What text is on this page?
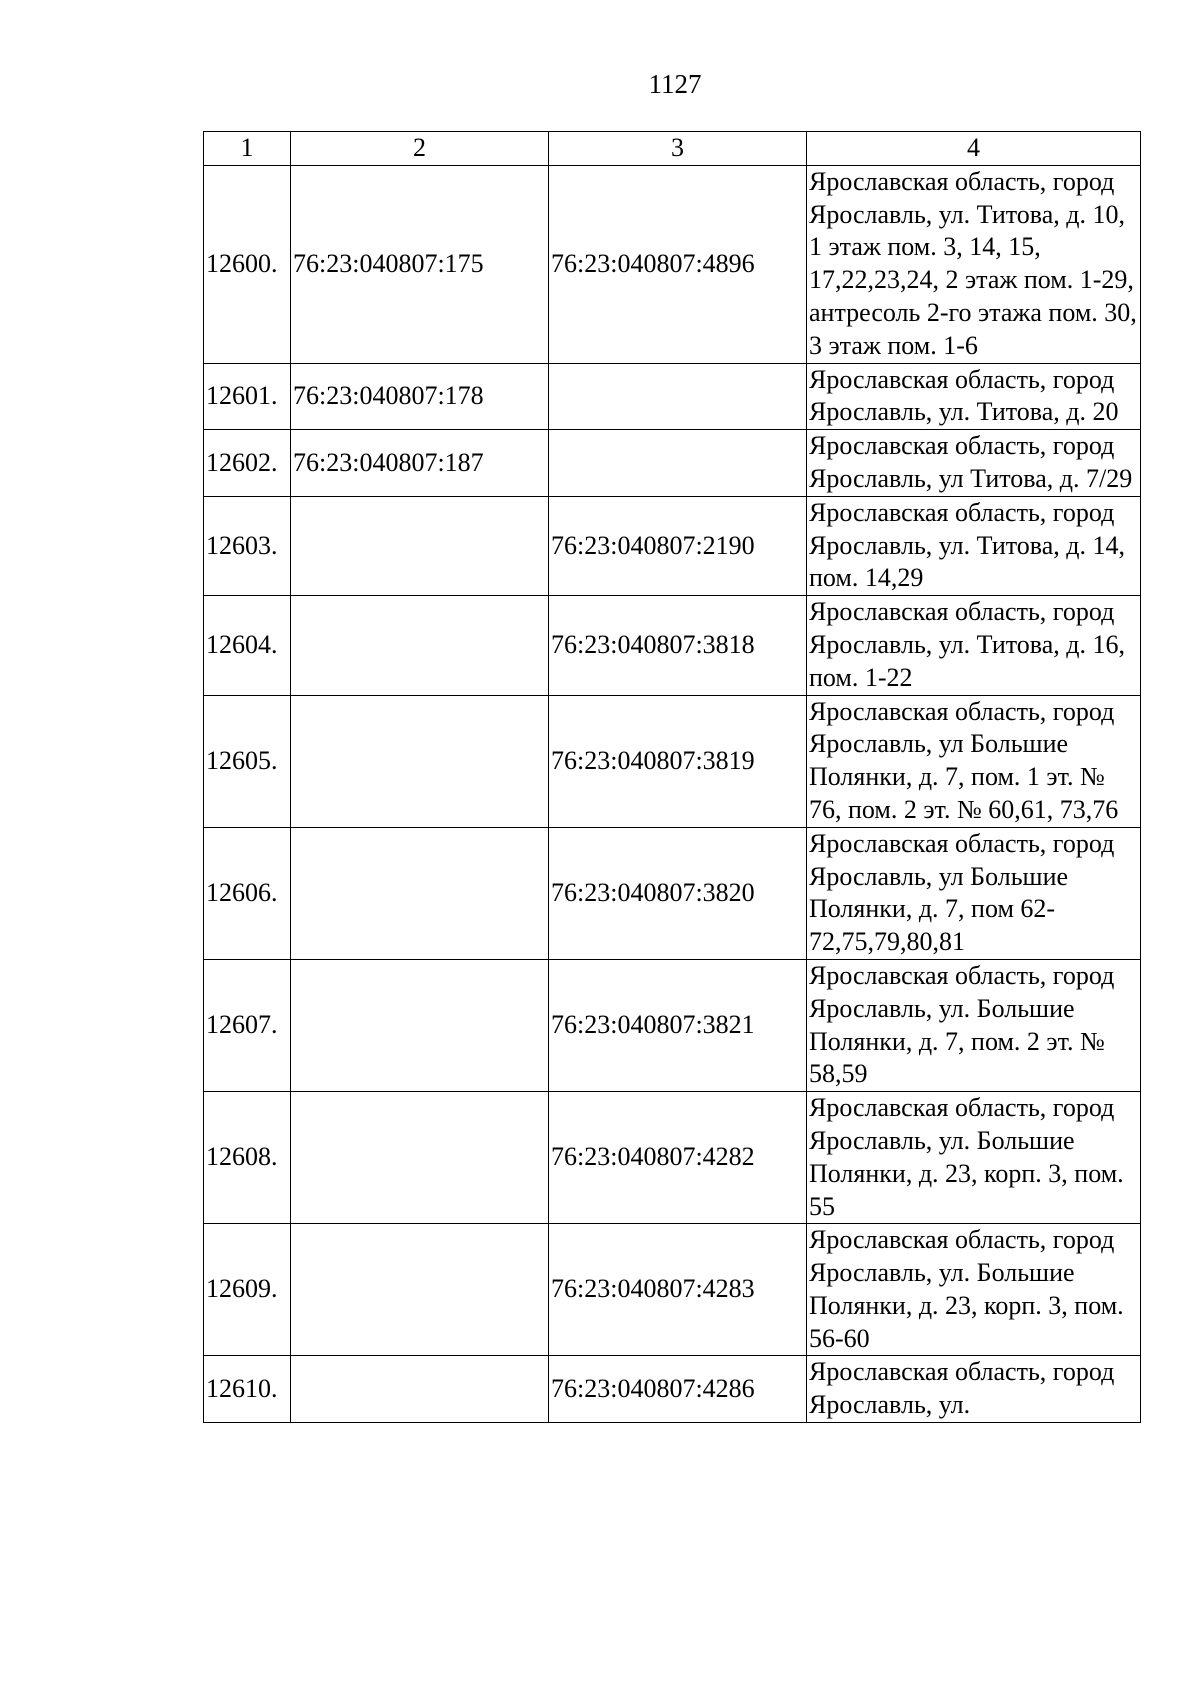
1127
1	2	3	4
12600.	76:23:040807:175	76:23:040807:4896	Ярославская область, город Ярославль, ул. Титова, д. 10, 1 этаж пом. 3, 14, 15, 17,22,23,24, 2 этаж пом. 1-29, антресоль 2-го этажа пом. 30, 3 этаж пом. 1-6
12601.	76:23:040807:178		Ярославская область, город Ярославль, ул. Титова, д. 20
12602.	76:23:040807:187		Ярославская область, город Ярославль, ул Титова, д. 7/29
12603.		76:23:040807:2190	Ярославская область, город Ярославль, ул. Титова, д. 14, пом. 14,29
12604.		76:23:040807:3818	Ярославская область, город Ярославль, ул. Титова, д. 16, пом. 1-22
12605.		76:23:040807:3819	Ярославская область, город Ярославль, ул Большие Полянки, д. 7, пом. 1 эт. № 76, пом. 2 эт. № 60,61, 73,76
12606.		76:23:040807:3820	Ярославская область, город Ярославль, ул Большие Полянки, д. 7, пом 62-72,75,79,80,81
12607.		76:23:040807:3821	Ярославская область, город Ярославль, ул. Большие Полянки, д. 7, пом. 2 эт. № 58,59
12608.		76:23:040807:4282	Ярославская область, город Ярославль, ул. Большие Полянки, д. 23, корп. 3, пом. 55
12609.		76:23:040807:4283	Ярославская область, город Ярославль, ул. Большие Полянки, д. 23, корп. 3, пом. 56-60
12610.		76:23:040807:4286	Ярославская область, город Ярославль, ул.
